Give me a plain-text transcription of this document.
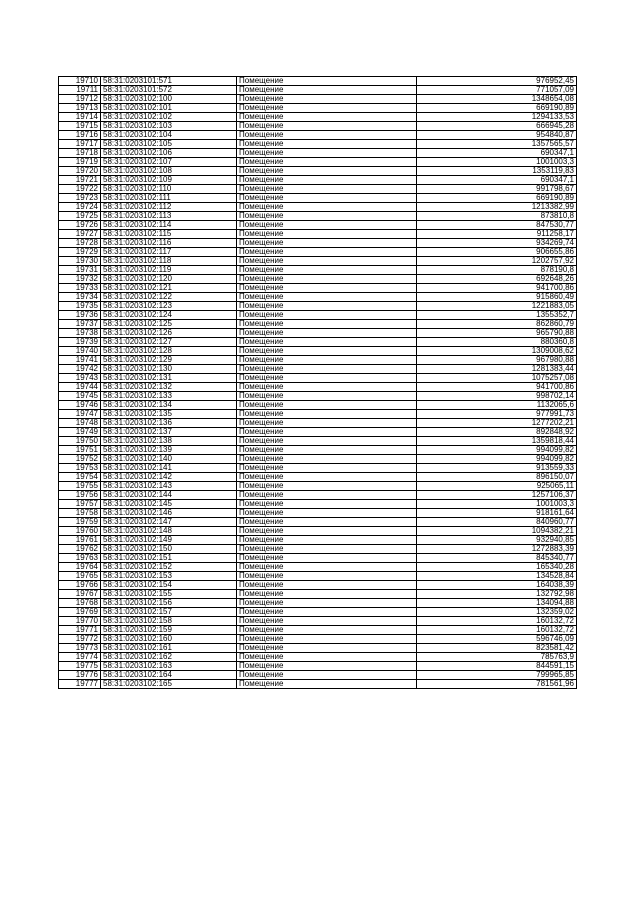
19710	58:31:0203101:571	Помещение	976952,45
19711	58:31:0203101:572	Помещение	771057,09
19712	58:31:0203102:100	Помещение	1348654,08
19713	58:31:0203102:101	Помещение	669190,89
19714	58:31:0203102:102	Помещение	1294133,53
19715	58:31:0203102:103	Помещение	666945,28
19716	58:31:0203102:104	Помещение	954840,87
19717	58:31:0203102:105	Помещение	1357565,57
19718	58:31:0203102:106	Помещение	690347,1
19719	58:31:0203102:107	Помещение	1001003,3
19720	58:31:0203102:108	Помещение	1353119,83
19721	58:31:0203102:109	Помещение	690347,1
19722	58:31:0203102:110	Помещение	991798,67
19723	58:31:0203102:111	Помещение	669190,89
19724	58:31:0203102:112	Помещение	1213382,99
19725	58:31:0203102:113	Помещение	873810,8
19726	58:31:0203102:114	Помещение	847530,77
19727	58:31:0203102:115	Помещение	911258,17
19728	58:31:0203102:116	Помещение	934269,74
19729	58:31:0203102:117	Помещение	906655,86
19730	58:31:0203102:118	Помещение	1202757,92
19731	58:31:0203102:119	Помещение	878190,8
19732	58:31:0203102:120	Помещение	692648,26
19733	58:31:0203102:121	Помещение	941700,86
19734	58:31:0203102:122	Помещение	915860,49
19735	58:31:0203102:123	Помещение	1221883,05
19736	58:31:0203102:124	Помещение	1355352,7
19737	58:31:0203102:125	Помещение	862860,79
19738	58:31:0203102:126	Помещение	965790,88
19739	58:31:0203102:127	Помещение	880360,8
19740	58:31:0203102:128	Помещение	1309008,62
19741	58:31:0203102:129	Помещение	967980,88
19742	58:31:0203102:130	Помещение	1281383,44
19743	58:31:0203102:131	Помещение	1075257,08
19744	58:31:0203102:132	Помещение	941700,86
19745	58:31:0203102:133	Помещение	998702,14
19746	58:31:0203102:134	Помещение	1132065,6
19747	58:31:0203102:135	Помещение	977991,73
19748	58:31:0203102:136	Помещение	1277202,21
19749	58:31:0203102:137	Помещение	892848,92
19750	58:31:0203102:138	Помещение	1359818,44
19751	58:31:0203102:139	Помещение	994099,82
19752	58:31:0203102:140	Помещение	994099,82
19753	58:31:0203102:141	Помещение	913559,33
19754	58:31:0203102:142	Помещение	896150,07
19755	58:31:0203102:143	Помещение	925065,11
19756	58:31:0203102:144	Помещение	1257106,37
19757	58:31:0203102:145	Помещение	1001003,3
19758	58:31:0203102:146	Помещение	918161,64
19759	58:31:0203102:147	Помещение	840960,77
19760	58:31:0203102:148	Помещение	1094382,21
19761	58:31:0203102:149	Помещение	932940,85
19762	58:31:0203102:150	Помещение	1272883,39
19763	58:31:0203102:151	Помещение	845340,77
19764	58:31:0203102:152	Помещение	165340,28
19765	58:31:0203102:153	Помещение	134528,84
19766	58:31:0203102:154	Помещение	164038,39
19767	58:31:0203102:155	Помещение	132792,98
19768	58:31:0203102:156	Помещение	134094,88
19769	58:31:0203102:157	Помещение	132359,02
19770	58:31:0203102:158	Помещение	160132,72
19771	58:31:0203102:159	Помещение	160132,72
19772	58:31:0203102:160	Помещение	596746,09
19773	58:31:0203102:161	Помещение	823581,42
19774	58:31:0203102:162	Помещение	785763,9
19775	58:31:0203102:163	Помещение	844591,15
19776	58:31:0203102:164	Помещение	799965,85
19777	58:31:0203102:165	Помещение	781561,96
